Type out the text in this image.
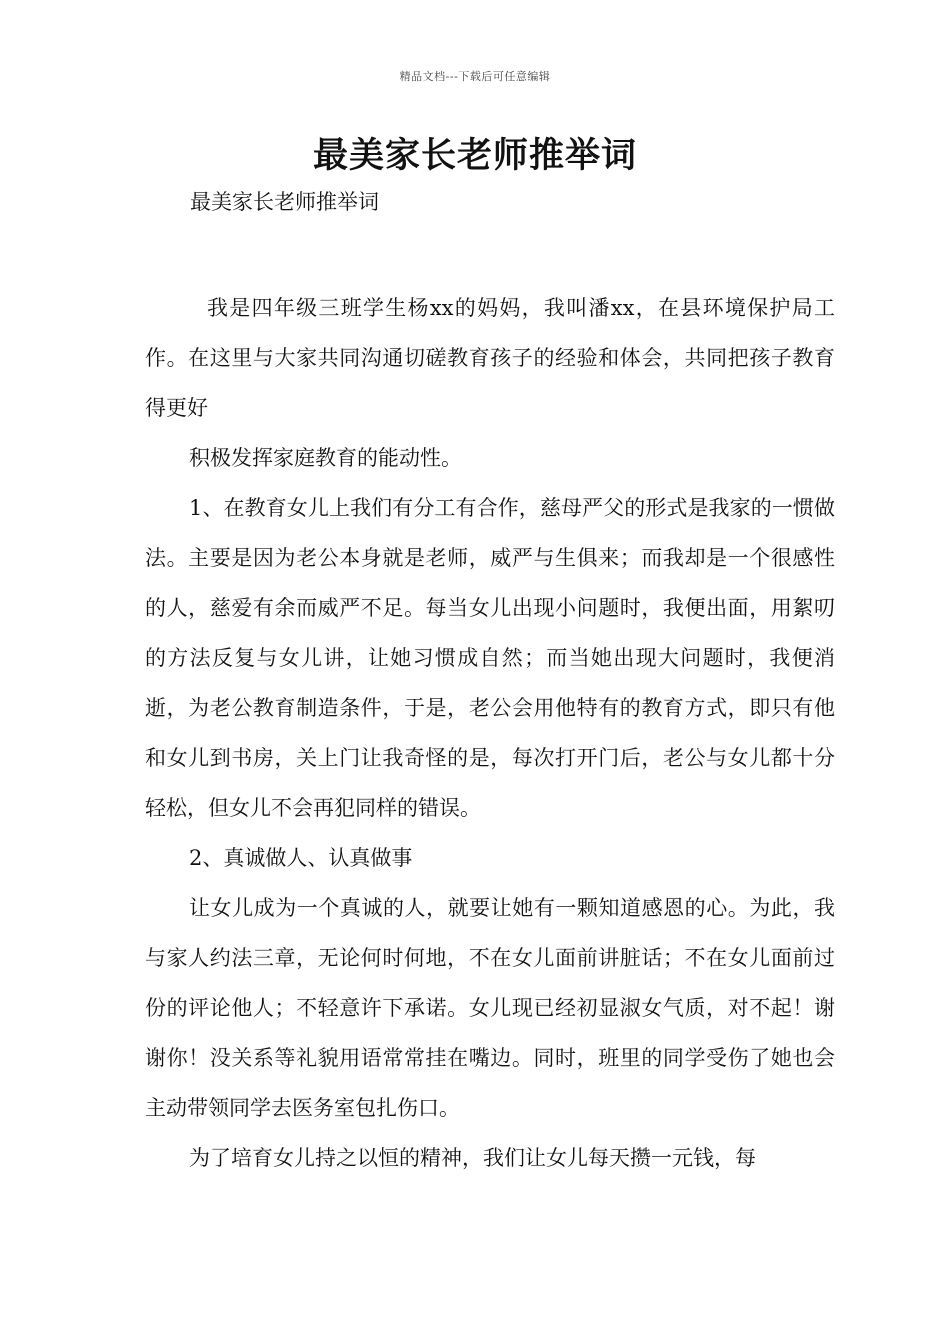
精品文档---下载后可任意编辑
最美家长老师推举词
最美家长老师推举词

我是四年级三班学生杨xx的妈妈，我叫潘xx，在县环境保护局工作。在这里与大家共同沟通切磋教育孩子的经验和体会，共同把孩子教育得更好

积极发挥家庭教育的能动性。

1、在教育女儿上我们有分工有合作，慈母严父的形式是我家的一惯做法。主要是因为老公本身就是老师，威严与生俱来；而我却是一个很感性的人，慈爱有余而威严不足。每当女儿出现小问题时，我便出面，用絮叨的方法反复与女儿讲，让她习惯成自然；而当她出现大问题时，我便消逝，为老公教育制造条件，于是，老公会用他特有的教育方式，即只有他和女儿到书房，关上门让我奇怪的是，每次打开门后，老公与女儿都十分轻松，但女儿不会再犯同样的错误。

2、真诚做人、认真做事

让女儿成为一个真诚的人，就要让她有一颗知道感恩的心。为此，我与家人约法三章，无论何时何地，不在女儿面前讲脏话；不在女儿面前过份的评论他人；不轻意许下承诺。女儿现已经初显淑女气质，对不起！谢谢你！没关系等礼貌用语常常挂在嘴边。同时，班里的同学受伤了她也会主动带领同学去医务室包扎伤口。

为了培育女儿持之以恒的精神，我们让女儿每天攒一元钱，每
